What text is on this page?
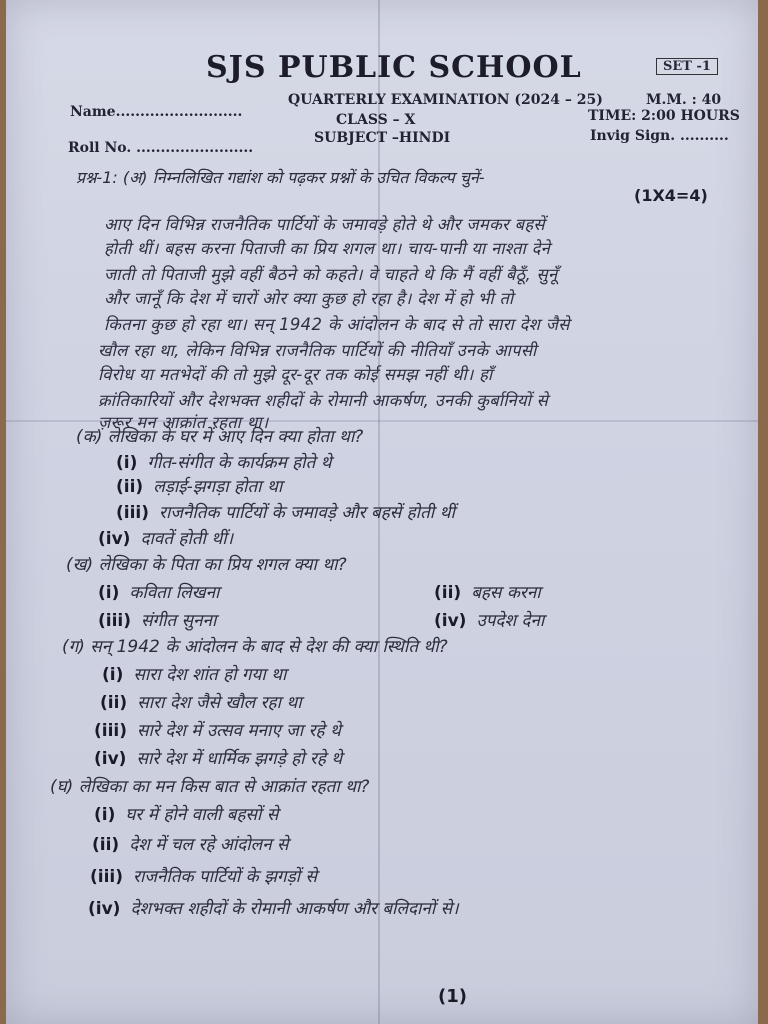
SJS PUBLIC SCHOOL	SET -1
Name..........................
QUARTERLY EXAMINATION (2024 – 25)	M.M. : 40
CLASS – X	TIME: 2:00 HOURS
Roll No. ........................
SUBJECT –HINDI	Invig Sign. ..........
प्रश्न-1: (अ) निम्नलिखित गद्यांश को पढ़कर प्रश्नों के उचित विकल्प चुनें-
(1X4=4)
आए दिन विभिन्न राजनैतिक पार्टियों के जमावड़े होते थे और जमकर बहसें
होती थीं। बहस करना पिताजी का प्रिय शगल था। चाय-पानी या नाश्ता देने
जाती तो पिताजी मुझे वहीं बैठने को कहते। वे चाहते थे कि मैं वहीं बैठूँ, सुनूँ
और जानूँ कि देश में चारों ओर क्या कुछ हो रहा है। देश में हो भी तो
कितना कुछ हो रहा था। सन् 1942 के आंदोलन के बाद से तो सारा देश जैसे
खौल रहा था, लेकिन विभिन्न राजनैतिक पार्टियों की नीतियाँ उनके आपसी
विरोध या मतभेदों की तो मुझे दूर-दूर तक कोई समझ नहीं थी। हाँ
क्रांतिकारियों और देशभक्त शहीदों के रोमानी आकर्षण, उनकी कुर्बानियों से
ज़रूर मन आक्रांत रहता था।
(क) लेखिका के घर में आए दिन क्या होता था?
(i) गीत-संगीत के कार्यक्रम होते थे
(ii) लड़ाई-झगड़ा होता था
(iii) राजनैतिक पार्टियों के जमावड़े और बहसें होती थीं
(iv) दावतें होती थीं।
(ख) लेखिका के पिता का प्रिय शगल क्या था?
(i) कविता लिखना	(ii) बहस करना
(iii) संगीत सुनना	(iv) उपदेश देना
(ग) सन् 1942 के आंदोलन के बाद से देश की क्या स्थिति थी?
(i) सारा देश शांत हो गया था
(ii) सारा देश जैसे खौल रहा था
(iii) सारे देश में उत्सव मनाए जा रहे थे
(iv) सारे देश में धार्मिक झगड़े हो रहे थे
(घ) लेखिका का मन किस बात से आक्रांत रहता था?
(i) घर में होने वाली बहसों से
(ii) देश में चल रहे आंदोलन से
(iii) राजनैतिक पार्टियों के झगड़ों से
(iv) देशभक्त शहीदों के रोमानी आकर्षण और बलिदानों से।
(1)
